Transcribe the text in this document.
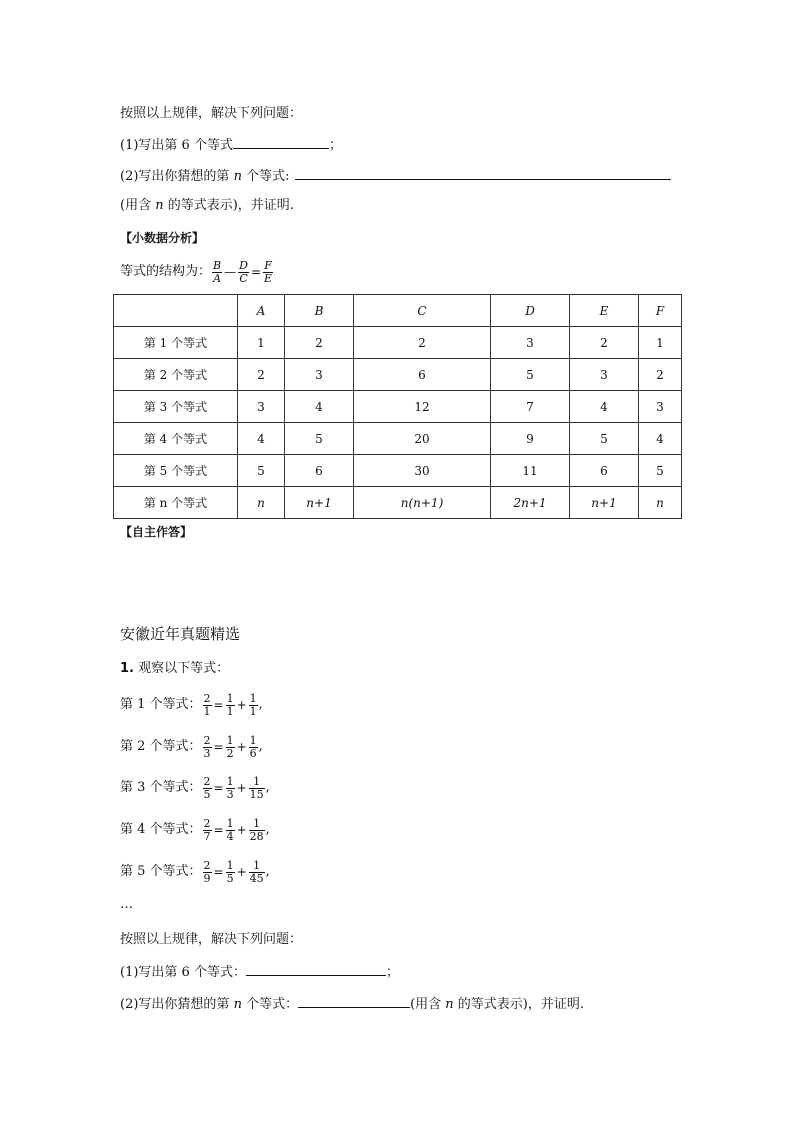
按照以上规律，解决下列问题：
(1)写出第 6 个等式	；
(2)写出你猜想的第 n 个等式:
(用含 n 的等式表示)，并证明.
【小数据分析】
等式的结构为： $\frac{B}{A}$ — $\frac{D}{C} = \frac{F}{E}$
	A	B	C	D	E	F
第 1 个等式	1	2	2	3	2	1
第 2 个等式	2	3	6	5	3	2
第 3 个等式	3	4	12	7	4	3
第 4 个等式	4	5	20	9	5	4
第 5 个等式	5	6	30	11	6	5
第 n 个等式	n	n+1	n(n+1)	2n+1	n+1	n
【自主作答】
安徽近年真题精选
1. 观察以下等式：
第 1 个等式： $\frac{2}{1} = \frac{1}{1} + \frac{1}{1}$ ,
第 2 个等式： $\frac{2}{3} = \frac{1}{2} + \frac{1}{6}$ ,
第 3 个等式： $\frac{2}{5} = \frac{1}{3} + \frac{1}{15}$ ,
第 4 个等式： $\frac{2}{7} = \frac{1}{4} + \frac{1}{28}$ ,
第 5 个等式： $\frac{2}{9} = \frac{1}{5} + \frac{1}{45}$ ,
…
按照以上规律，解决下列问题：
(1)写出第 6 个等式：	；
(2)写出你猜想的第 n 个等式：	(用含 n 的等式表示)，并证明.
